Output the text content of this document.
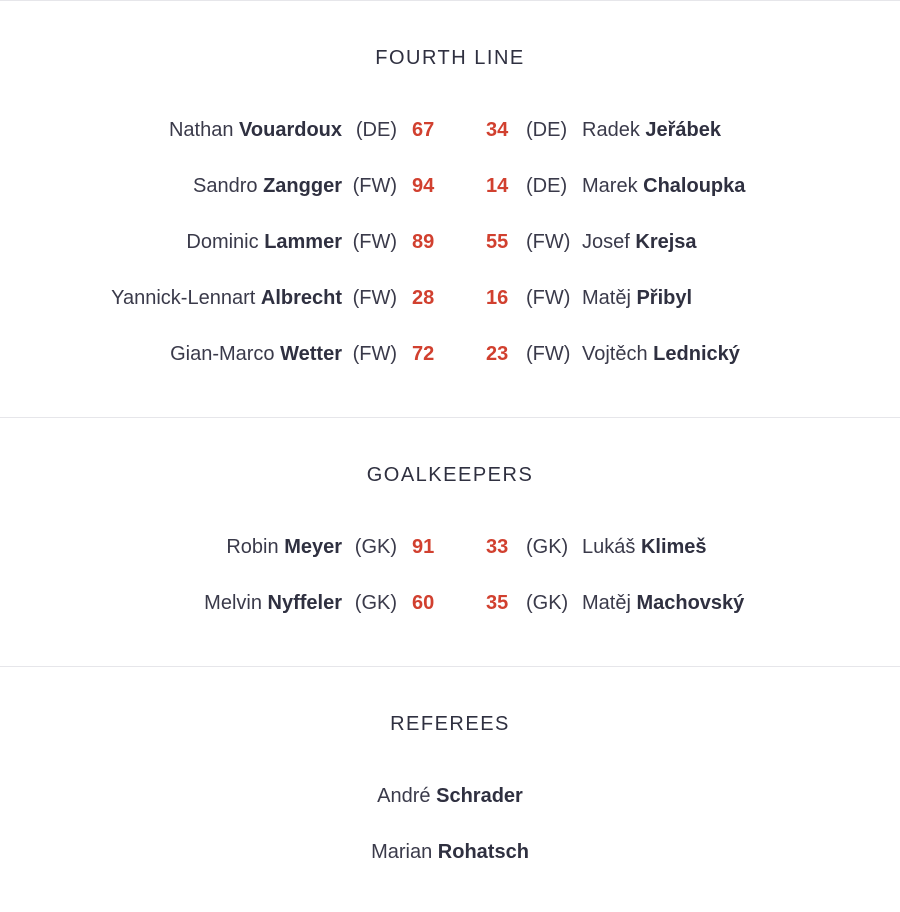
FOURTH LINE
Nathan Vouardoux (DE) 67	34 (DE) Radek Jeřábek
Sandro Zangger (FW) 94	14 (DE) Marek Chaloupka
Dominic Lammer (FW) 89	55 (FW) Josef Krejsa
Yannick-Lennart Albrecht (FW) 28	16 (FW) Matěj Přibyl
Gian-Marco Wetter (FW) 72	23 (FW) Vojtěch Lednický
GOALKEEPERS
Robin Meyer (GK) 91	33 (GK) Lukáš Klimeš
Melvin Nyffeler (GK) 60	35 (GK) Matěj Machovský
REFEREES
André Schrader
Marian Rohatsch
